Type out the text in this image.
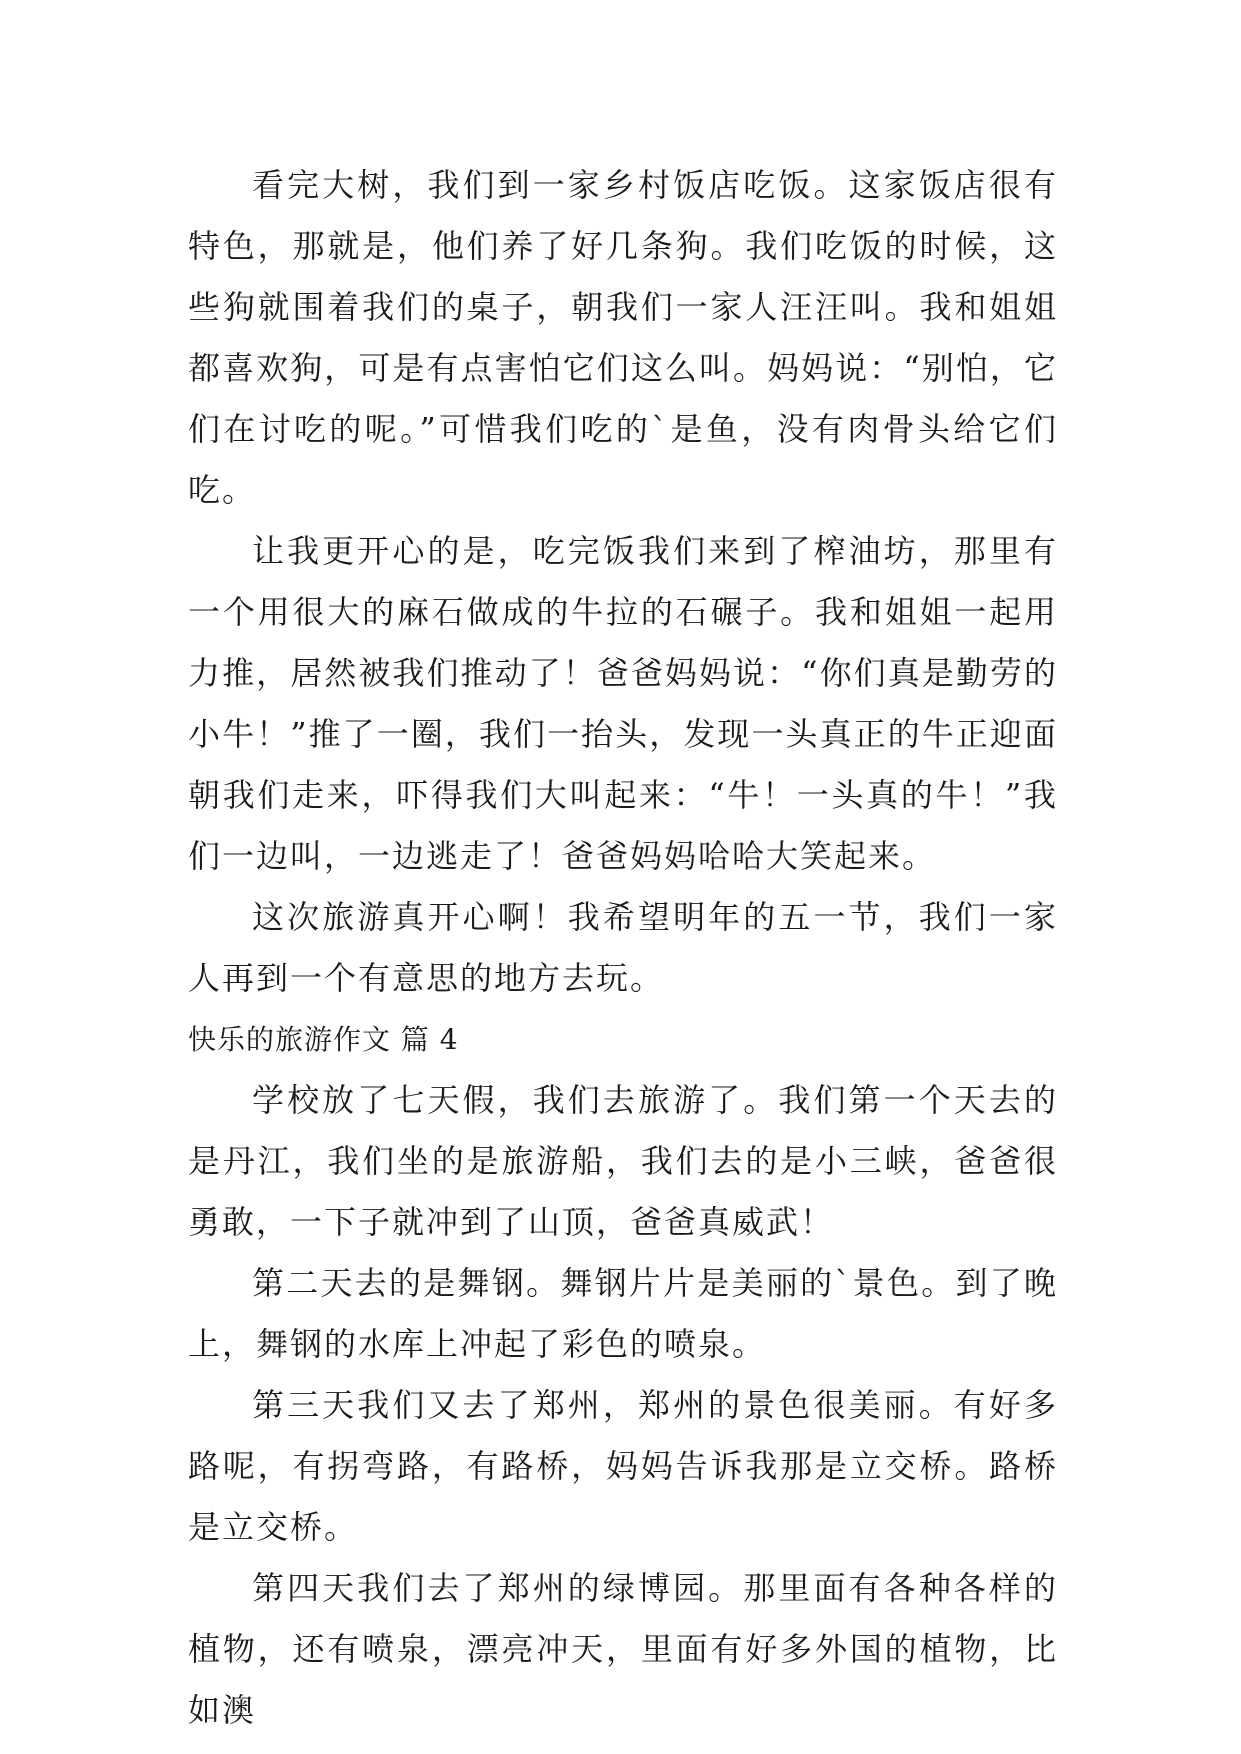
看完大树，我们到一家乡村饭店吃饭。这家饭店很有特色，那就是，他们养了好几条狗。我们吃饭的时候，这些狗就围着我们的桌子，朝我们一家人汪汪叫。我和姐姐都喜欢狗，可是有点害怕它们这么叫。妈妈说：“别怕，它们在讨吃的呢。”可惜我们吃的`是鱼，没有肉骨头给它们吃。

让我更开心的是，吃完饭我们来到了榨油坊，那里有一个用很大的麻石做成的牛拉的石碾子。我和姐姐一起用力推，居然被我们推动了！爸爸妈妈说：“你们真是勤劳的小牛！”推了一圈，我们一抬头，发现一头真正的牛正迎面朝我们走来，吓得我们大叫起来：“牛！一头真的牛！”我们一边叫，一边逃走了！爸爸妈妈哈哈大笑起来。

这次旅游真开心啊！我希望明年的五一节，我们一家人再到一个有意思的地方去玩。

快乐的旅游作文 篇 4

学校放了七天假，我们去旅游了。我们第一个天去的是丹江，我们坐的是旅游船，我们去的是小三峡，爸爸很勇敢，一下子就冲到了山顶，爸爸真威武！

第二天去的是舞钢。舞钢片片是美丽的`景色。到了晚上，舞钢的水库上冲起了彩色的喷泉。

第三天我们又去了郑州，郑州的景色很美丽。有好多路呢，有拐弯路，有路桥，妈妈告诉我那是立交桥。路桥是立交桥。

第四天我们去了郑州的绿博园。那里面有各种各样的植物，还有喷泉，漂亮冲天，里面有好多外国的植物，比如澳
